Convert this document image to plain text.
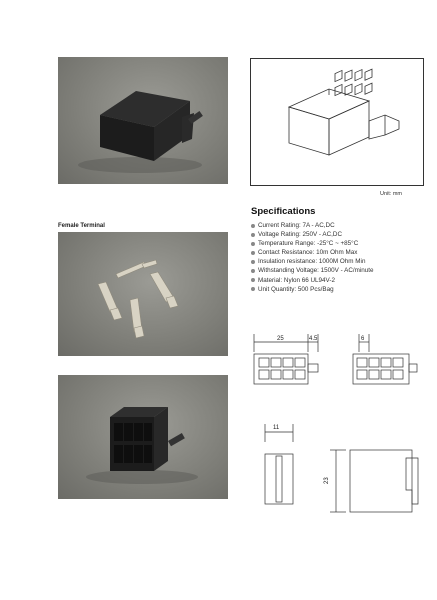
Unit: mm
Female Terminal
Specifications
Current Rating: 7A - AC,DC
Voltage Rating: 250V - AC,DC
Temperature Range: -25°C ~ +85°C
Contact Resistance: 10m Ohm Max
Insulation resistance: 1000M Ohm Min
Withstanding Voltage: 1500V - AC/minute
Material: Nylon 66 UL94V-2
Unit Quantity: 500 Pcs/Bag
25	4.5	6
11
23
